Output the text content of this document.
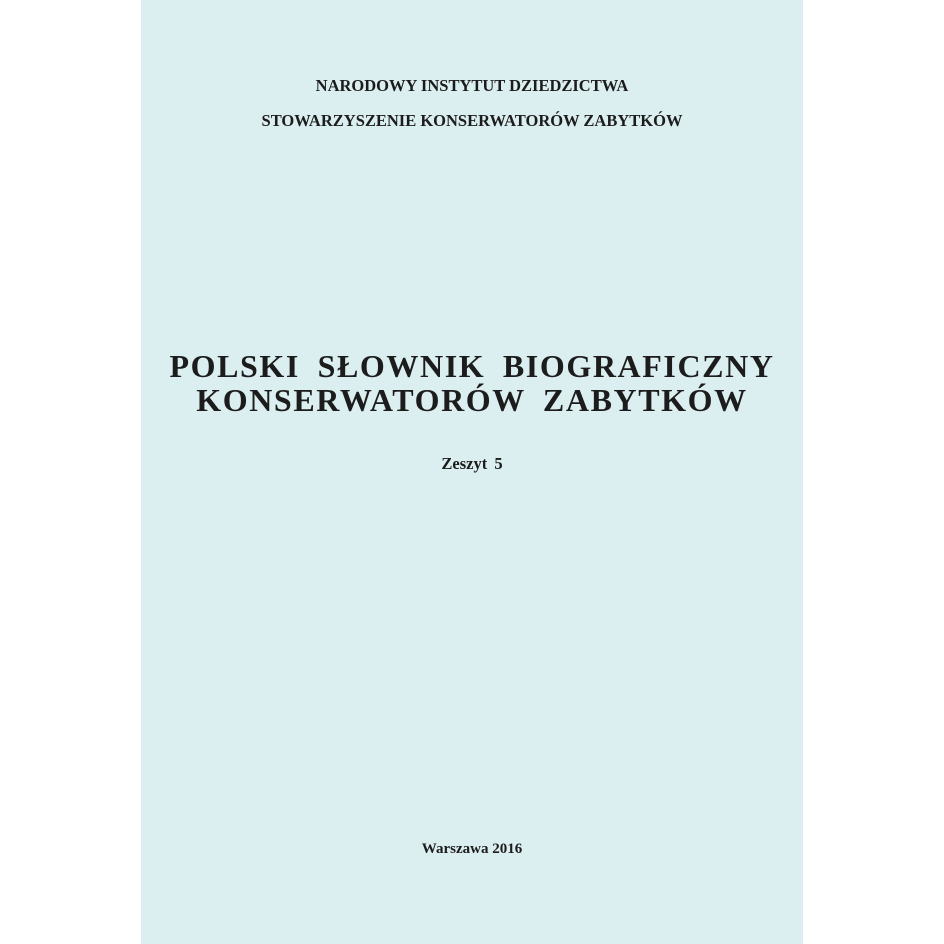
NARODOWY INSTYTUT DZIEDZICTWA
STOWARZYSZENIE KONSERWATORÓW ZABYTKÓW
POLSKI SŁOWNIK BIOGRAFICZNY
KONSERWATORÓW ZABYTKÓW
Zeszyt 5
Warszawa 2016
